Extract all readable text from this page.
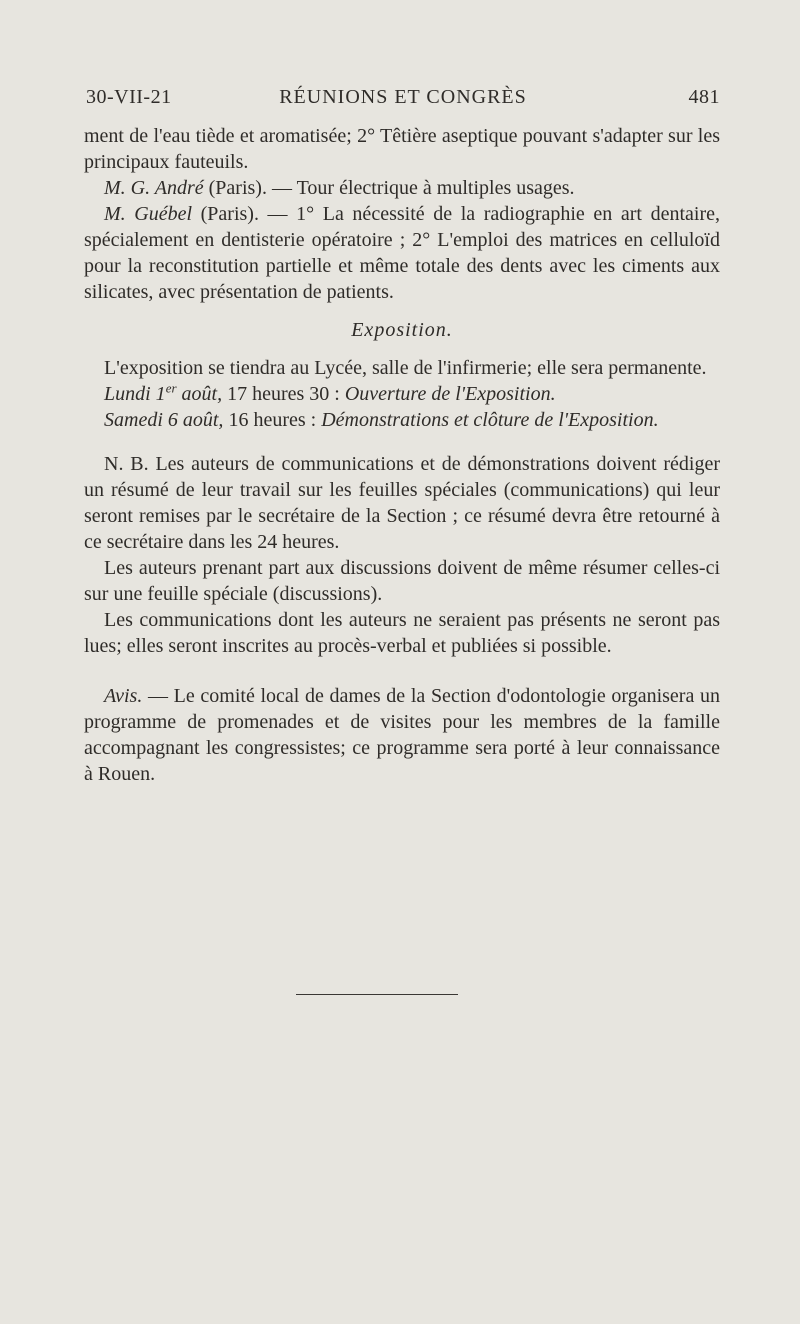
30-VII-21	RÉUNIONS ET CONGRÈS	481

ment de l'eau tiède et aromatisée; 2° Têtière aseptique pouvant s'adapter sur les principaux fauteuils.

M. G. André (Paris). — Tour électrique à multiples usages.

M. Guébel (Paris). — 1° La nécessité de la radiographie en art dentaire, spécialement en dentisterie opératoire ; 2° L'emploi des matrices en celluloïd pour la reconstitution partielle et même totale des dents avec les ciments aux silicates, avec présentation de patients.

Exposition.

L'exposition se tiendra au Lycée, salle de l'infirmerie; elle sera permanente.

Lundi 1er août, 17 heures 30 : Ouverture de l'Exposition.

Samedi 6 août, 16 heures : Démonstrations et clôture de l'Exposition.

N. B. Les auteurs de communications et de démonstrations doivent rédiger un résumé de leur travail sur les feuilles spéciales (communications) qui leur seront remises par le secrétaire de la Section ; ce résumé devra être retourné à ce secrétaire dans les 24 heures.

Les auteurs prenant part aux discussions doivent de même résumer celles-ci sur une feuille spéciale (discussions).

Les communications dont les auteurs ne seraient pas présents ne seront pas lues; elles seront inscrites au procès-verbal et publiées si possible.

Avis. — Le comité local de dames de la Section d'odontologie organisera un programme de promenades et de visites pour les membres de la famille accompagnant les congressistes; ce programme sera porté à leur connaissance à Rouen.
